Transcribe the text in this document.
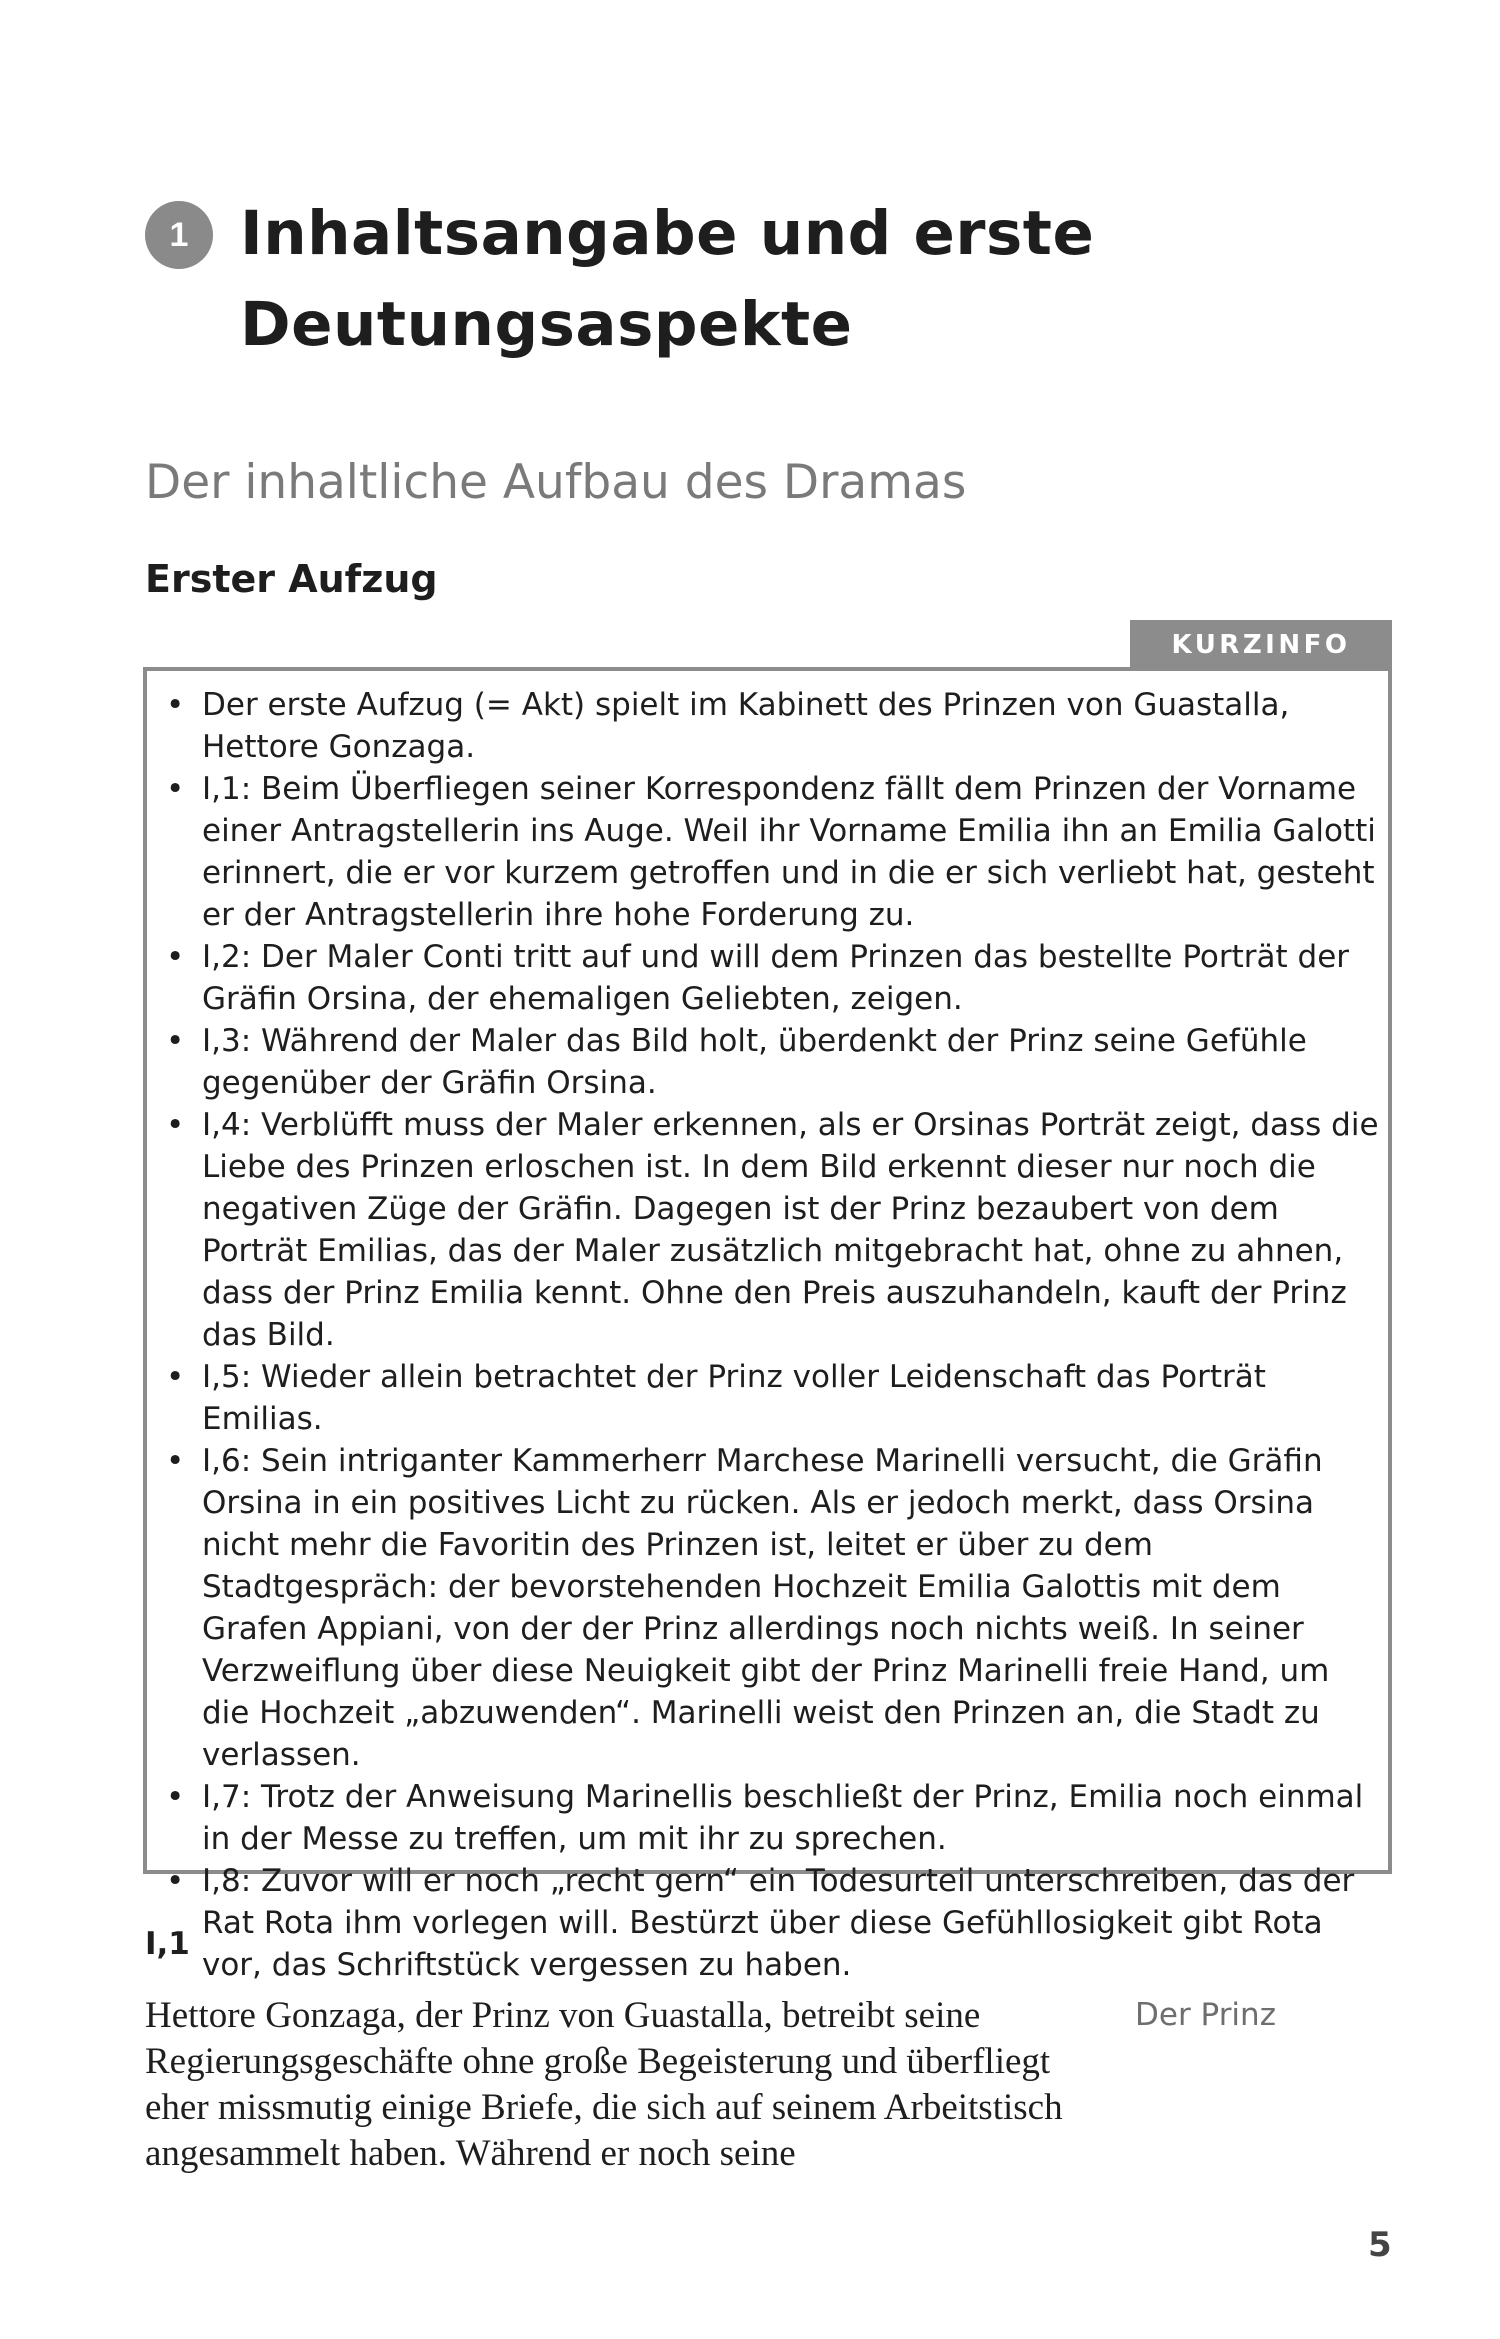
1 Inhaltsangabe und erste Deutungsaspekte
Der inhaltliche Aufbau des Dramas
Erster Aufzug
KURZINFO
• Der erste Aufzug (= Akt) spielt im Kabinett des Prinzen von Guastalla, Hettore Gonzaga.
• I,1: Beim Überfliegen seiner Korrespondenz fällt dem Prinzen der Vorname einer Antragstellerin ins Auge. Weil ihr Vorname Emilia ihn an Emilia Galotti erinnert, die er vor kurzem getroffen und in die er sich verliebt hat, gesteht er der Antragstellerin ihre hohe Forderung zu.
• I,2: Der Maler Conti tritt auf und will dem Prinzen das bestellte Porträt der Gräfin Orsina, der ehemaligen Geliebten, zeigen.
• I,3: Während der Maler das Bild holt, überdenkt der Prinz seine Gefühle gegenüber der Gräfin Orsina.
• I,4: Verblüfft muss der Maler erkennen, als er Orsinas Porträt zeigt, dass die Liebe des Prinzen erloschen ist. In dem Bild erkennt dieser nur noch die negativen Züge der Gräfin. Dagegen ist der Prinz bezaubert von dem Porträt Emilias, das der Maler zusätzlich mitgebracht hat, ohne zu ahnen, dass der Prinz Emilia kennt. Ohne den Preis auszuhandeln, kauft der Prinz das Bild.
• I,5: Wieder allein betrachtet der Prinz voller Leidenschaft das Porträt Emilias.
• I,6: Sein intriganter Kammerherr Marchese Marinelli versucht, die Gräfin Orsina in ein positives Licht zu rücken. Als er jedoch merkt, dass Orsina nicht mehr die Favoritin des Prinzen ist, leitet er über zu dem Stadtgespräch: der bevorstehenden Hochzeit Emilia Galottis mit dem Grafen Appiani, von der der Prinz allerdings noch nichts weiß. In seiner Verzweiflung über diese Neuigkeit gibt der Prinz Marinelli freie Hand, um die Hochzeit „abzuwenden“. Marinelli weist den Prinzen an, die Stadt zu verlassen.
• I,7: Trotz der Anweisung Marinellis beschließt der Prinz, Emilia noch einmal in der Messe zu treffen, um mit ihr zu sprechen.
• I,8: Zuvor will er noch „recht gern“ ein Todesurteil unterschreiben, das der Rat Rota ihm vorlegen will. Bestürzt über diese Gefühllosigkeit gibt Rota vor, das Schriftstück vergessen zu haben.
I,1

Hettore Gonzaga, der Prinz von Guastalla, betreibt seine Regierungsgeschäfte ohne große Begeisterung und überfliegt eher missmutig einige Briefe, die sich auf seinem Arbeitstisch angesammelt haben. Während er noch seine

Der Prinz

5
